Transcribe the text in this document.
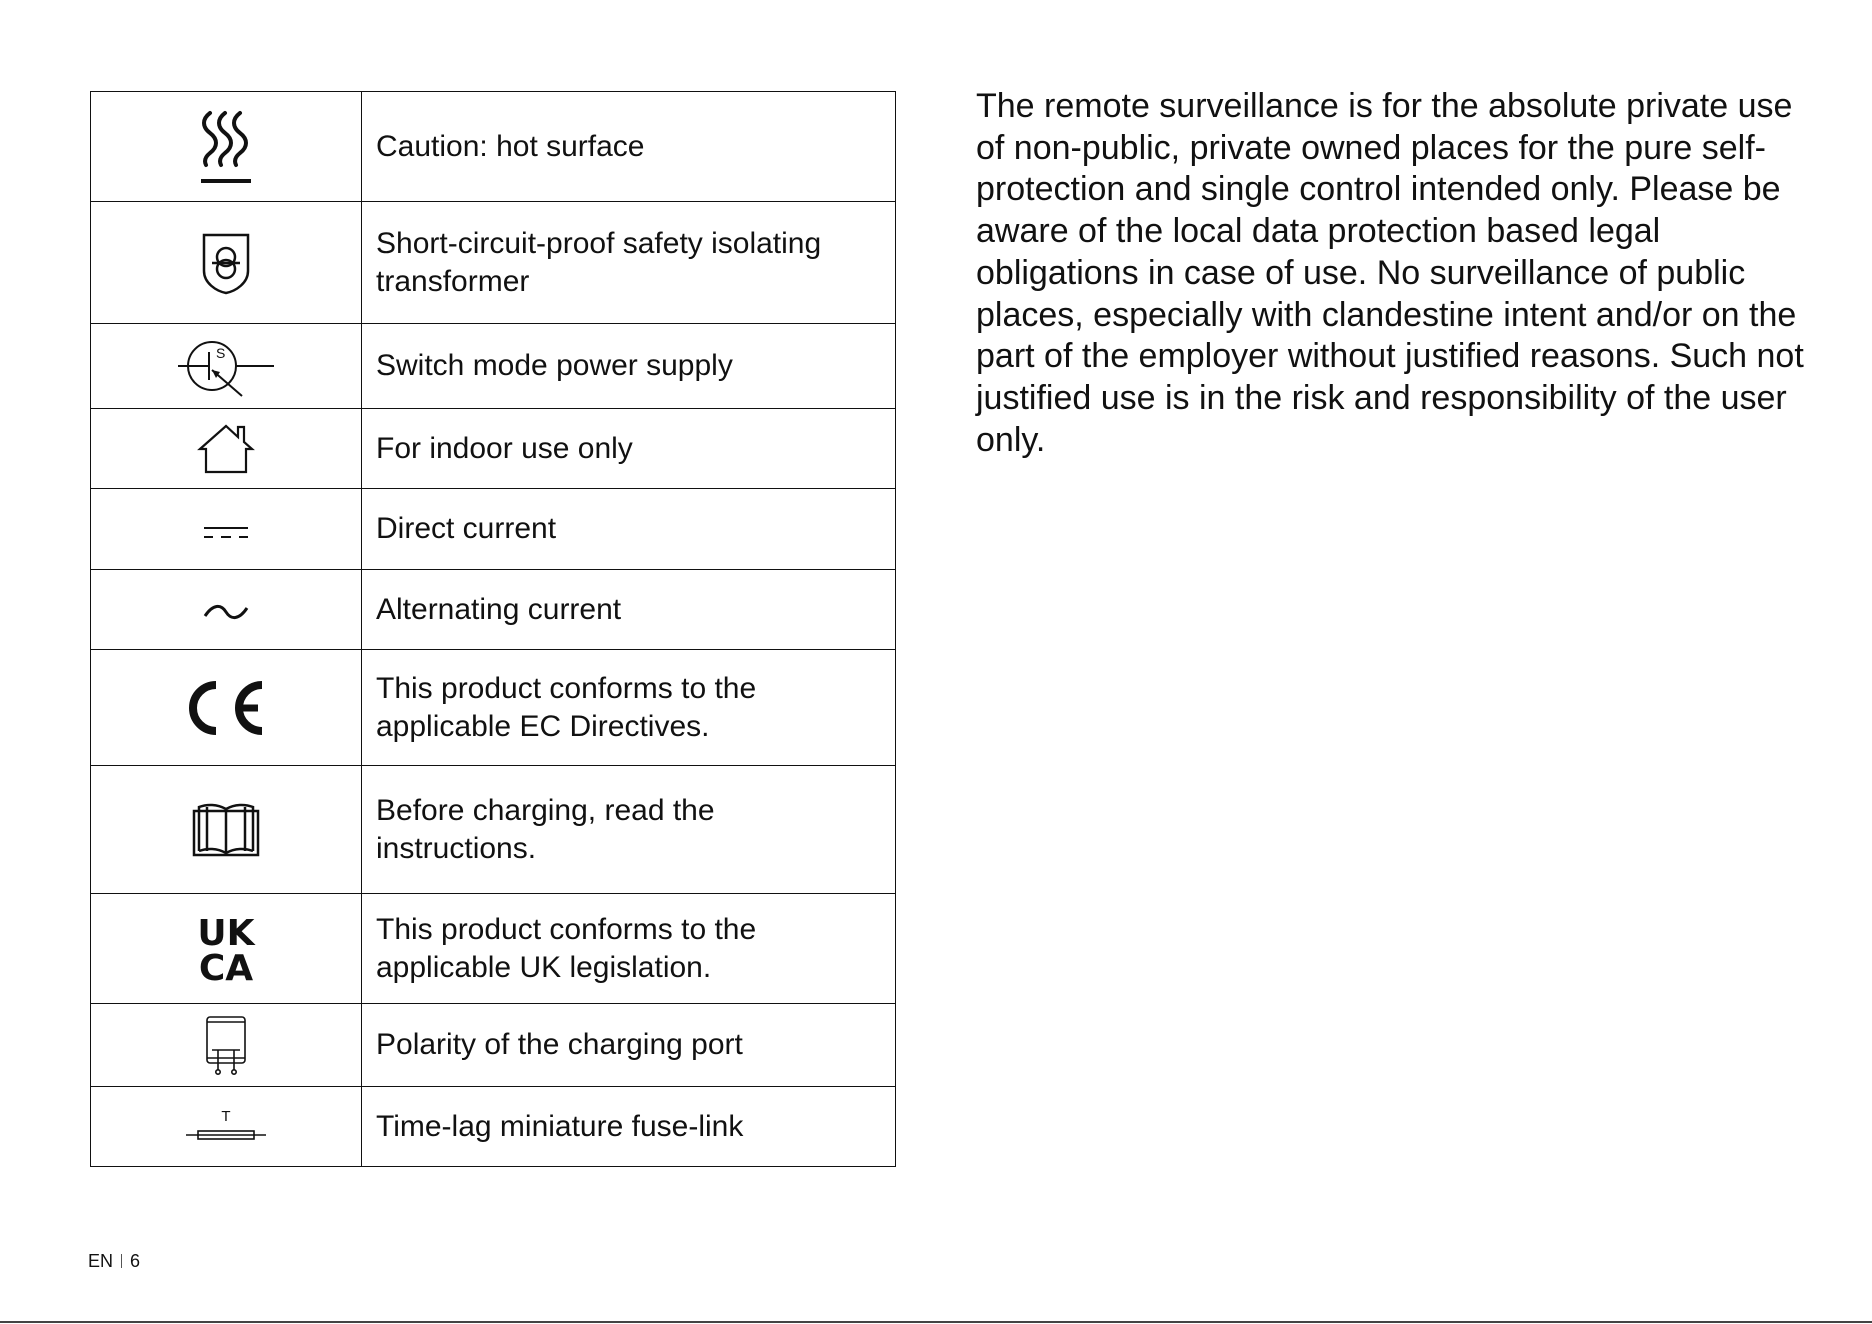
	Caution: hot surface

	Short-circuit-proof safety isolating transformer

S	Switch mode power supply

	For indoor use only

	Direct current

	Alternating current

	This product conforms to the applicable EC Directives.

	Before charging, read the instructions.

UK
CA	This product conforms to the applicable UK legislation.

	Polarity of the charging port

T	Time-lag miniature fuse-link

The remote surveillance is for the absolute private use of non-public, private owned places for the pure self-protection and single control intended only. Please be aware of the local data protection based legal obligations in case of use. No surveillance of public places, especially with clandestine intent and/or on the part of the employer without justified reasons. Such not justified use is in the risk and responsibility of the user only.

EN 6
